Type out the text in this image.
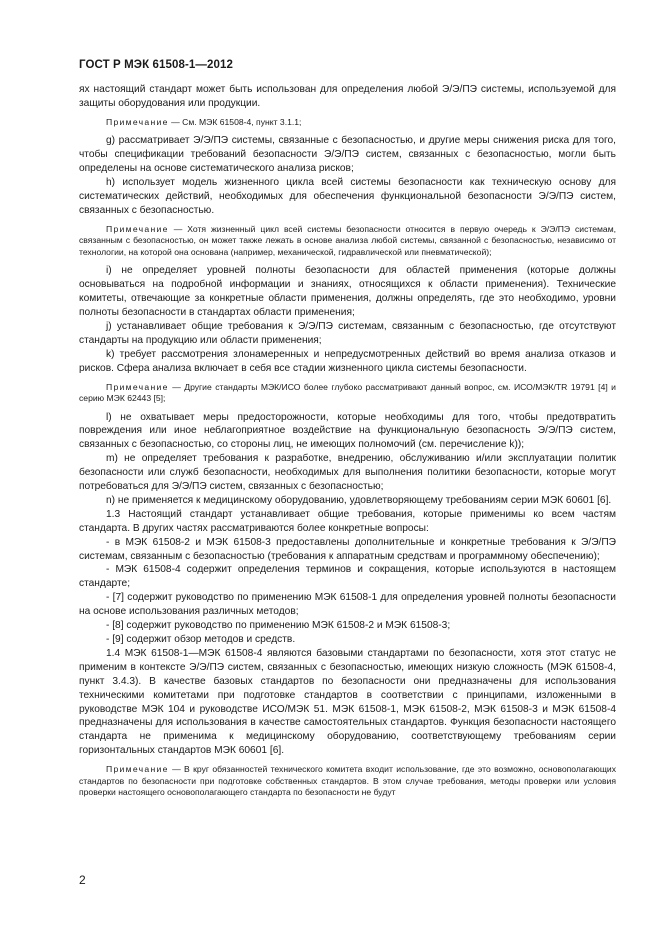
ГОСТ Р МЭК 61508-1—2012

ях настоящий стандарт может быть использован для определения любой Э/Э/ПЭ системы, используемой для защиты оборудования или продукции.

Примечание — См. МЭК 61508-4, пункт 3.1.1;

g) рассматривает Э/Э/ПЭ системы, связанные с безопасностью, и другие меры снижения риска для того, чтобы спецификации требований безопасности Э/Э/ПЭ систем, связанных с безопасностью, могли быть определены на основе систематического анализа рисков;

h) использует модель жизненного цикла всей системы безопасности как техническую основу для систематических действий, необходимых для обеспечения функциональной безопасности Э/Э/ПЭ систем, связанных с безопасностью.

Примечание — Хотя жизненный цикл всей системы безопасности относится в первую очередь к Э/Э/ПЭ системам, связанным с безопасностью, он может также лежать в основе анализа любой системы, связанной с безопасностью, независимо от технологии, на которой она основана (например, механической, гидравлической или пневматической);

i) не определяет уровней полноты безопасности для областей применения (которые должны основываться на подробной информации и знаниях, относящихся к области применения). Технические комитеты, отвечающие за конкретные области применения, должны определять, где это необходимо, уровни полноты безопасности в стандартах области применения;

j) устанавливает общие требования к Э/Э/ПЭ системам, связанным с безопасностью, где отсутствуют стандарты на продукцию или области применения;

k) требует рассмотрения злонамеренных и непредусмотренных действий во время анализа отказов и рисков. Сфера анализа включает в себя все стадии жизненного цикла системы безопасности.

Примечание — Другие стандарты МЭК/ИСО более глубоко рассматривают данный вопрос, см. ИСО/МЭК/TR 19791 [4] и серию МЭК 62443 [5];

l) не охватывает меры предосторожности, которые необходимы для того, чтобы предотвратить повреждения или иное неблагоприятное воздействие на функциональную безопасность Э/Э/ПЭ систем, связанных с безопасностью, со стороны лиц, не имеющих полномочий (см. перечисление k));

m) не определяет требования к разработке, внедрению, обслуживанию и/или эксплуатации политик безопасности или служб безопасности, необходимых для выполнения политики безопасности, которые могут потребоваться для Э/Э/ПЭ систем, связанных с безопасностью;

n) не применяется к медицинскому оборудованию, удовлетворяющему требованиям серии МЭК 60601 [6].

1.3 Настоящий стандарт устанавливает общие требования, которые применимы ко всем частям стандарта. В других частях рассматриваются более конкретные вопросы:

- в МЭК 61508-2 и МЭК 61508-3 предоставлены дополнительные и конкретные требования к Э/Э/ПЭ системам, связанным с безопасностью (требования к аппаратным средствам и программному обеспечению);

- МЭК 61508-4 содержит определения терминов и сокращения, которые используются в настоящем стандарте;

- [7] содержит руководство по применению МЭК 61508-1 для определения уровней полноты безопасности на основе использования различных методов;

- [8] содержит руководство по применению МЭК 61508-2 и МЭК 61508-3;

- [9] содержит обзор методов и средств.

1.4 МЭК 61508-1—МЭК 61508-4 являются базовыми стандартами по безопасности, хотя этот статус не применим в контексте Э/Э/ПЭ систем, связанных с безопасностью, имеющих низкую сложность (МЭК 61508-4, пункт 3.4.3). В качестве базовых стандартов по безопасности они предназначены для использования техническими комитетами при подготовке стандартов в соответствии с принципами, изложенными в руководстве МЭК 104 и руководстве ИСО/МЭК 51. МЭК 61508-1, МЭК 61508-2, МЭК 61508-3 и МЭК 61508-4 предназначены для использования в качестве самостоятельных стандартов. Функция безопасности настоящего стандарта не применима к медицинскому оборудованию, соответствующему требованиям серии горизонтальных стандартов МЭК 60601 [6].

Примечание — В круг обязанностей технического комитета входит использование, где это возможно, основополагающих стандартов по безопасности при подготовке собственных стандартов. В этом случае требования, методы проверки или условия проверки настоящего основополагающего стандарта по безопасности не будут

2
